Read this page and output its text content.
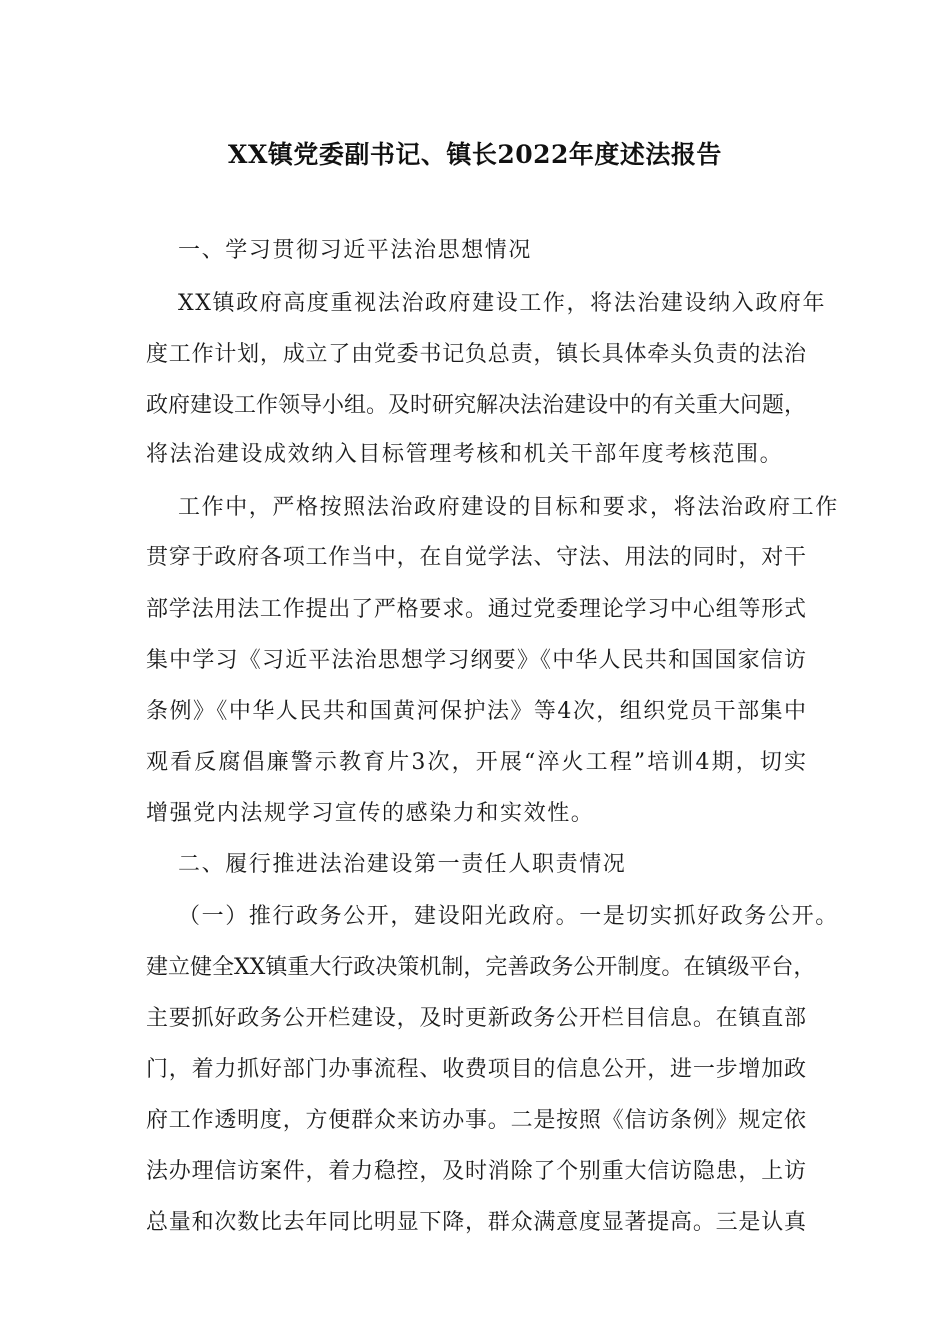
XX镇党委副书记、镇长2022年度述法报告
一、学习贯彻习近平法治思想情况
XX镇政府高度重视法治政府建设工作，将法治建设纳入政府年
度工作计划，成立了由党委书记负总责，镇长具体牵头负责的法治
政府建设工作领导小组。及时研究解决法治建设中的有关重大问题，
将法治建设成效纳入目标管理考核和机关干部年度考核范围。
工作中，严格按照法治政府建设的目标和要求，将法治政府工作
贯穿于政府各项工作当中，在自觉学法、守法、用法的同时，对干
部学法用法工作提出了严格要求。通过党委理论学习中心组等形式
集中学习《习近平法治思想学习纲要》《中华人民共和国国家信访
条例》《中华人民共和国黄河保护法》等4次，组织党员干部集中
观看反腐倡廉警示教育片3次，开展“淬火工程”培训4期，切实
增强党内法规学习宣传的感染力和实效性。
二、履行推进法治建设第一责任人职责情况
（一）推行政务公开，建设阳光政府。一是切实抓好政务公开。
建立健全XX镇重大行政决策机制，完善政务公开制度。在镇级平台，
主要抓好政务公开栏建设，及时更新政务公开栏目信息。在镇直部
门，着力抓好部门办事流程、收费项目的信息公开，进一步增加政
府工作透明度，方便群众来访办事。二是按照《信访条例》规定依
法办理信访案件，着力稳控，及时消除了个别重大信访隐患，上访
总量和次数比去年同比明显下降，群众满意度显著提高。三是认真
